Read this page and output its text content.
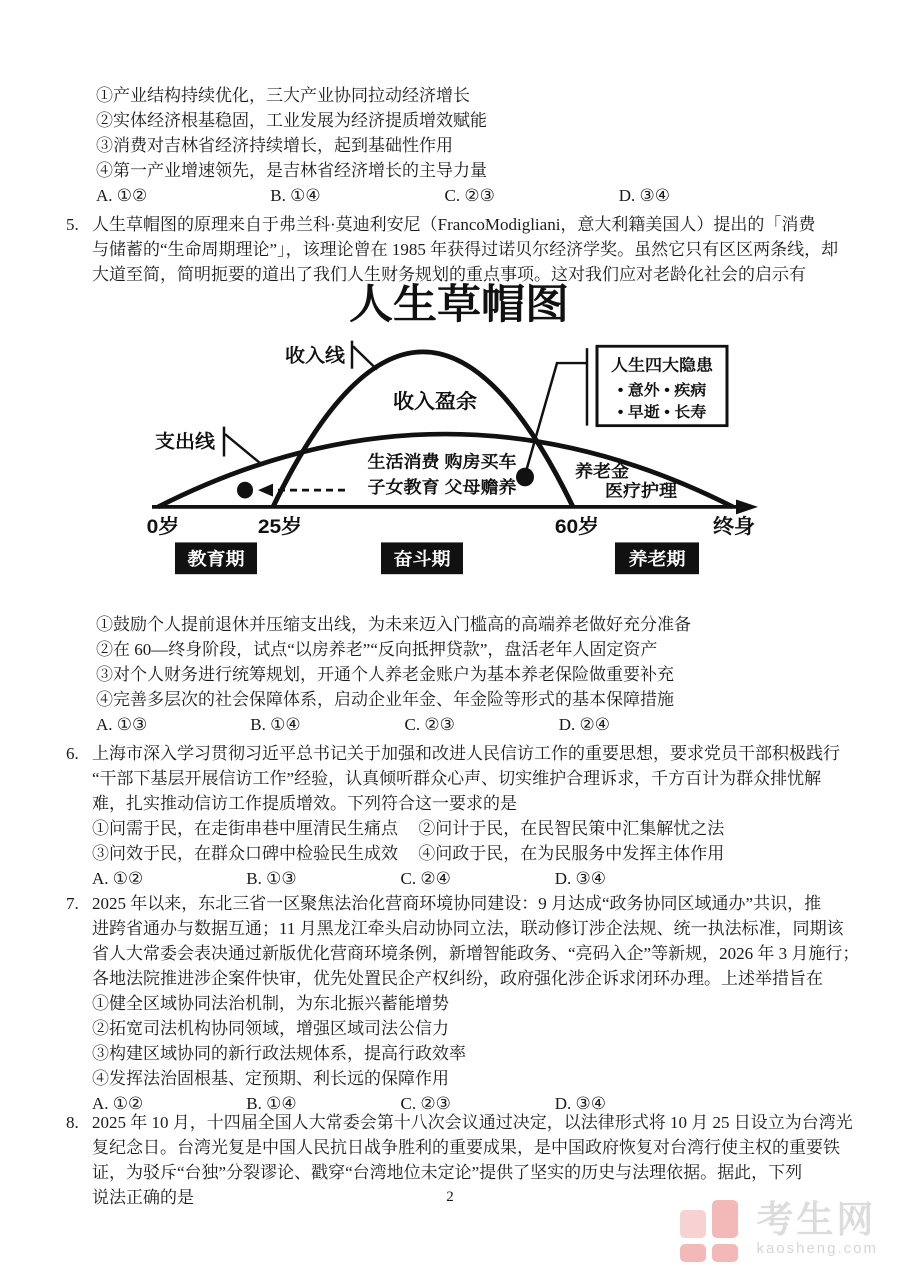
①产业结构持续优化，三大产业协同拉动经济增长
②实体经济根基稳固，工业发展为经济提质增效赋能
③消费对吉林省经济持续增长，起到基础性作用
④第一产业增速领先，是吉林省经济增长的主导力量
A. ①②	B. ①④	C. ②③	D. ③④
5. 人生草帽图的原理来自于弗兰科·莫迪利安尼（FrancoModigliani，意大利籍美国人）提出的「消费
与储蓄的“生命周期理论”」，该理论曾在 1985 年获得过诺贝尔经济学奖。虽然它只有区区两条线，却
大道至简，简明扼要的道出了我们人生财务规划的重点事项。这对我们应对老龄化社会的启示有
人生草帽图
收入线
收入盈余
支出线
生活消费 购房买车
子女教育 父母赡养
养老金
医疗护理
人生四大隐患
• 意外 • 疾病
• 早逝 • 长寿
0岁	25岁	60岁	终身
教育期	奋斗期	养老期
①鼓励个人提前退休并压缩支出线，为未来迈入门槛高的高端养老做好充分准备
②在 60—终身阶段，试点“以房养老”“反向抵押贷款”，盘活老年人固定资产
③对个人财务进行统筹规划，开通个人养老金账户为基本养老保险做重要补充
④完善多层次的社会保障体系，启动企业年金、年金险等形式的基本保障措施
A. ①③	B. ①④	C. ②③	D. ②④
6. 上海市深入学习贯彻习近平总书记关于加强和改进人民信访工作的重要思想，要求党员干部积极践行
“干部下基层开展信访工作”经验，认真倾听群众心声、切实维护合理诉求，千方百计为群众排忧解
难，扎实推动信访工作提质增效。下列符合这一要求的是
①问需于民，在走街串巷中厘清民生痛点 ②问计于民，在民智民策中汇集解忧之法
③问效于民，在群众口碑中检验民生成效 ④问政于民，在为民服务中发挥主体作用
A. ①②	B. ①③	C. ②④	D. ③④
7. 2025 年以来，东北三省一区聚焦法治化营商环境协同建设：9 月达成“政务协同区域通办”共识，推
进跨省通办与数据互通；11 月黑龙江牵头启动协同立法，联动修订涉企法规、统一执法标准，同期该
省人大常委会表决通过新版优化营商环境条例，新增智能政务、“亮码入企”等新规，2026 年 3 月施行；
各地法院推进涉企案件快审，优先处置民企产权纠纷，政府强化涉企诉求闭环办理。上述举措旨在
①健全区域协同法治机制，为东北振兴蓄能增势
②拓宽司法机构协同领域，增强区域司法公信力
③构建区域协同的新行政法规体系，提高行政效率
④发挥法治固根基、定预期、利长远的保障作用
A. ①②	B. ①④	C. ②③	D. ③④
8. 2025 年 10 月，十四届全国人大常委会第十八次会议通过决定，以法律形式将 10 月 25 日设立为台湾光
复纪念日。台湾光复是中国人民抗日战争胜利的重要成果，是中国政府恢复对台湾行使主权的重要铁
证，为驳斥“台独”分裂谬论、戳穿“台湾地位未定论”提供了坚实的历史与法理依据。据此，下列
说法正确的是	2
考生网
kaosheng.com
